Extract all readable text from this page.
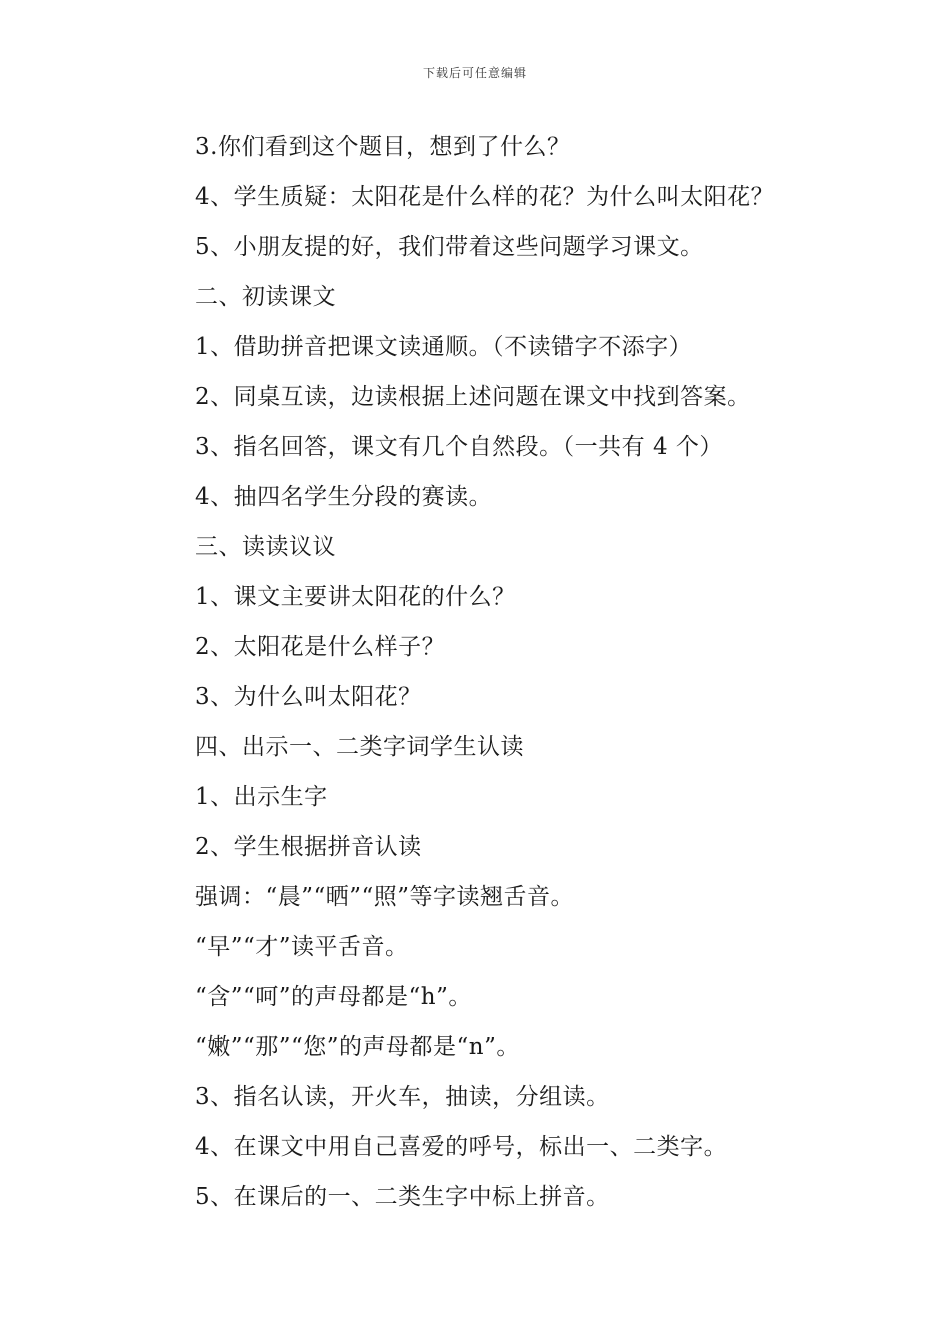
下载后可任意编辑
3.你们看到这个题目，想到了什么？
4、学生质疑：太阳花是什么样的花？为什么叫太阳花？
5、小朋友提的好，我们带着这些问题学习课文。
二、初读课文
1、借助拼音把课文读通顺。（不读错字不添字）
2、同桌互读，边读根据上述问题在课文中找到答案。
3、指名回答，课文有几个自然段。（一共有 4 个）
4、抽四名学生分段的赛读。
三、读读议议
1、课文主要讲太阳花的什么？
2、太阳花是什么样子？
3、为什么叫太阳花？
四、出示一、二类字词学生认读
1、出示生字
2、学生根据拼音认读
强调：“晨”“晒”“照”等字读翘舌音。
“早”“才”读平舌音。
“含”“呵”的声母都是“h”。
“嫩”“那”“您”的声母都是“n”。
3、指名认读，开火车，抽读，分组读。
4、在课文中用自己喜爱的呼号，标出一、二类字。
5、在课后的一、二类生字中标上拼音。
